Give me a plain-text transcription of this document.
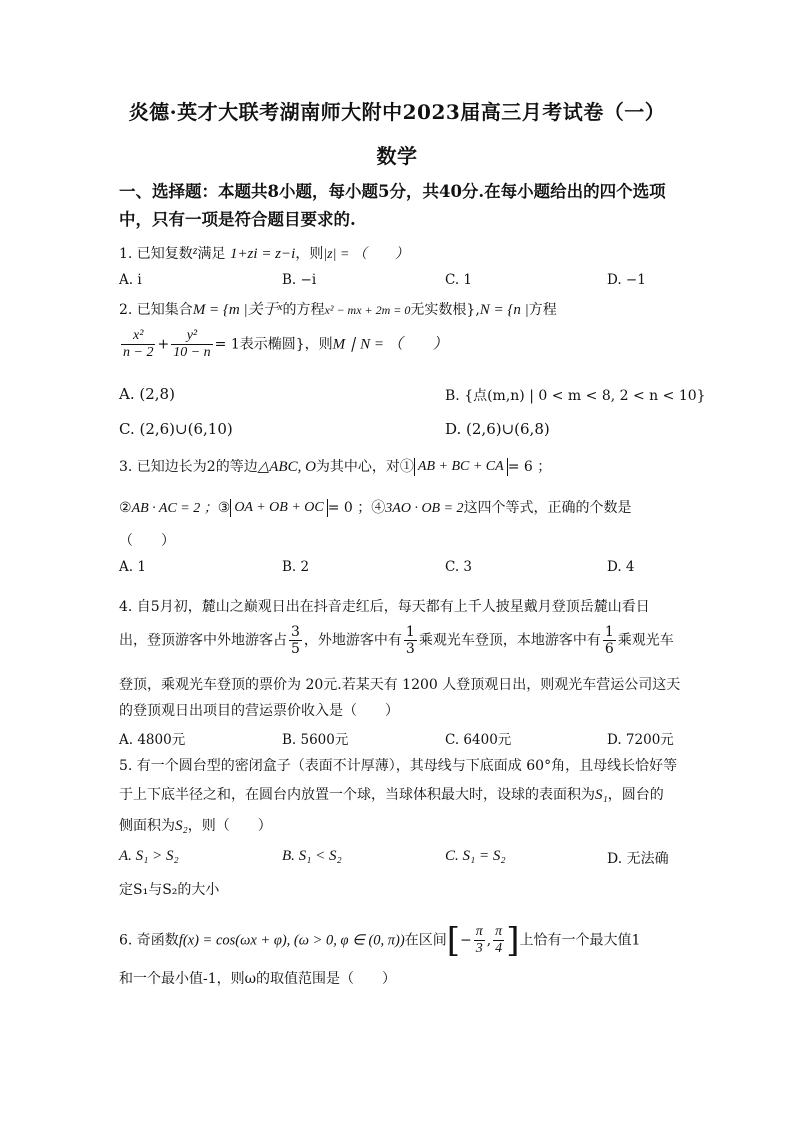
炎德·英才大联考湖南师大附中2023届高三月考试卷（一）
数学
一、选择题：本题共8小题，每小题5分，共40分.在每小题给出的四个选项
中，只有一项是符合题目要求的.
1. 已知复数z满足 1+zi = z−i，则|z| = （　　）
A. i	B. −i	C. 1	D. −1
2. 已知集合M = {m |关于$^x$的方程x² − mx + 2m = 0无实数根},N = {n |方程
$\frac{\text{x²}}{n - 2} + \frac{\text{y²}}{10 - n} = 1$表示椭圆}，则M ∣ N = （　　）
A. (2,8)	B. {点(m,n) | 0 < m < 8, 2 < n < 10}
C. (2,6)∪(6,10)	D. (2,6)∪(6,8)
3. 已知边长为2的等边△ABC, O为其中心，对① AB + BC + CA = 6 ；
②AB · AC = 2 ；③ OA + OB + OC = 0 ；④3AO · OB = 2这四个等式，正确的个数是
（　　）
A. 1	B. 2	C. 3	D. 4
4. 自5月初，麓山之巅观日出在抖音走红后，每天都有上千人披星戴月登顶岳麓山看日
出，登顶游客中外地游客占 $\frac{3}{5}$ ，外地游客中有 $\frac{1}{3}$ 乘观光车登顶，本地游客中有 $\frac{1}{6}$ 乘观光车
登顶，乘观光车登顶的票价为 20元.若某天有 1200 人登顶观日出，则观光车营运公司这天
的登顶观日出项目的营运票价收入是（　　）
A. 4800元	B. 5600元	C. 6400元	D. 7200元
5. 有一个圆台型的密闭盒子（表面不计厚薄），其母线与下底面成 60°角，且母线长恰好等
于上下底半径之和，在圆台内放置一个球，当球体积最大时，设球的表面积为S₁，圆台的
侧面积为S₂，则（　　）
A. S₁ > S₂	B. S₁ < S₂	C. S₁ = S₂	D. 无法确
定S₁与S₂的大小
6. 奇函数f(x) = cos(ωx + φ), (ω > 0, φ ∈ (0, π))在区间[− $\frac{\pi}{3}$ , $\frac{\pi}{4}$ ]上恰有一个最大值1
和一个最小值-1，则ω的取值范围是（　　）
